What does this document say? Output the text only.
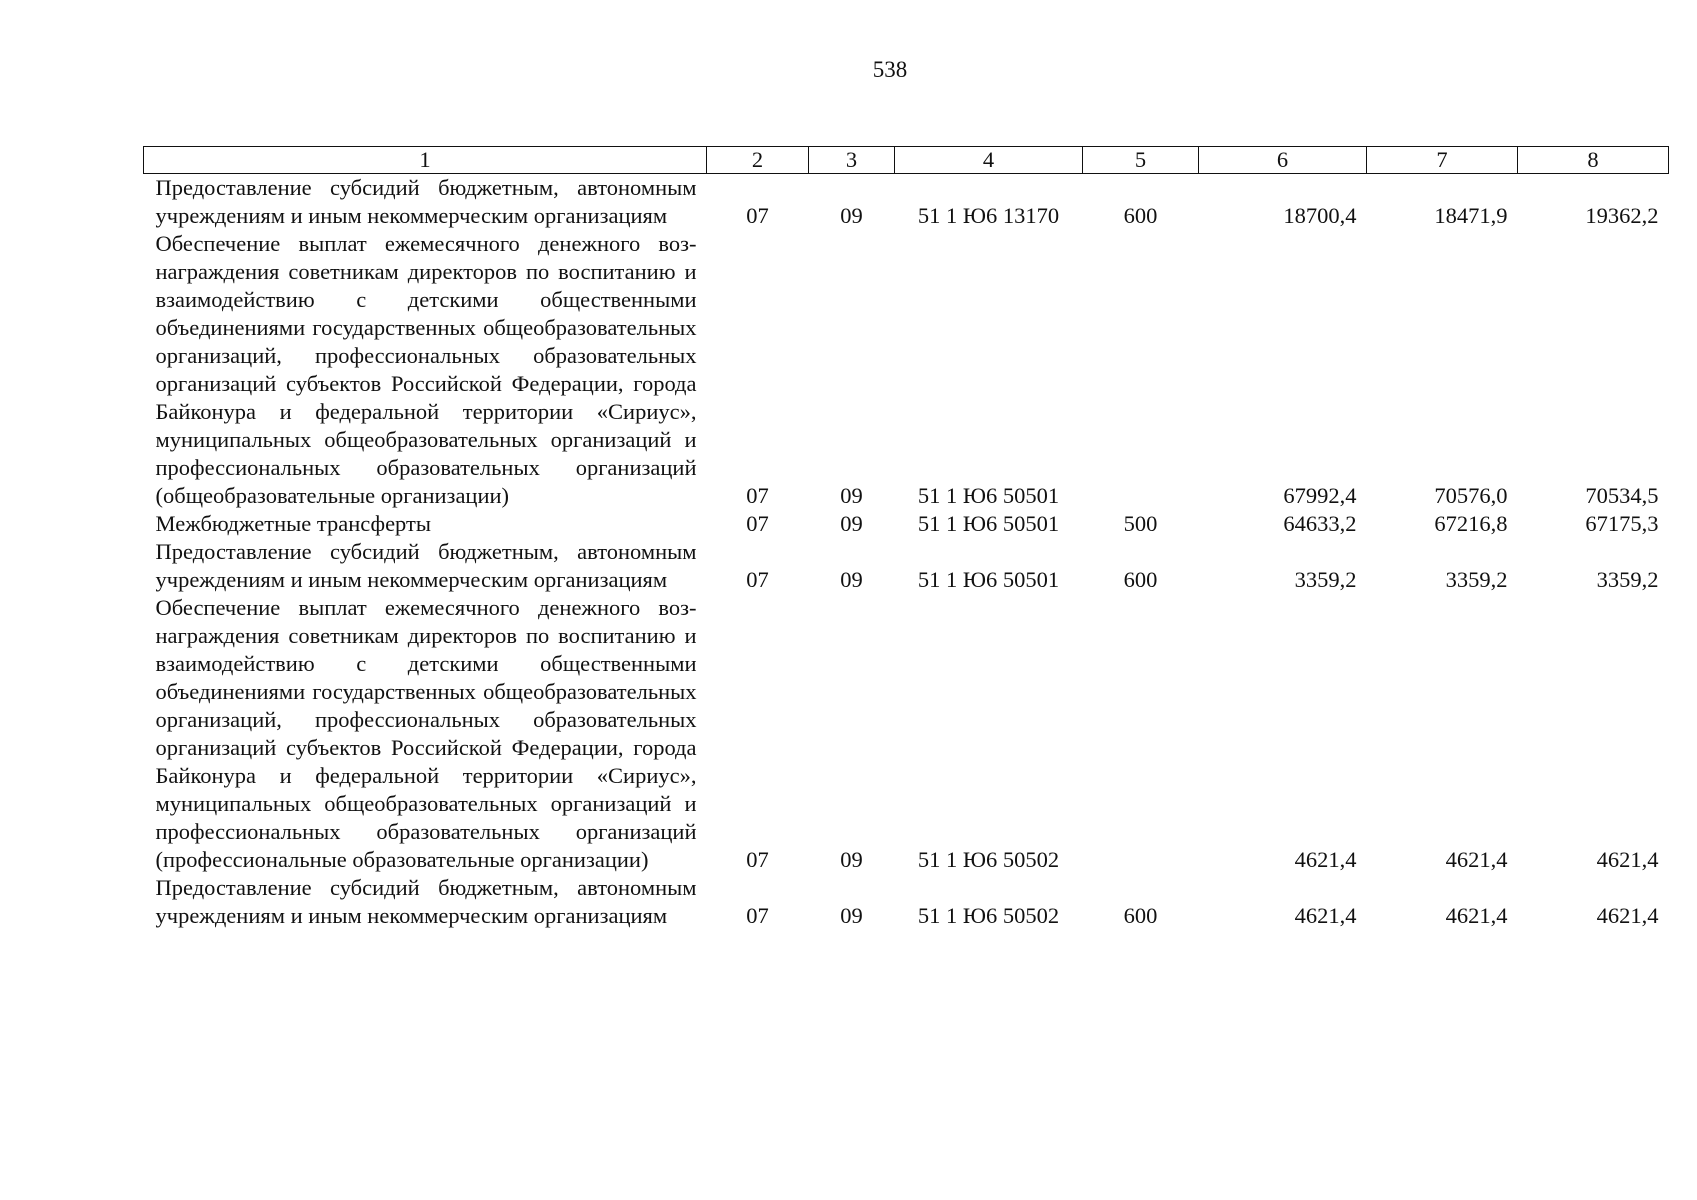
538
1	2	3	4	5	6	7	8
Предоставление субсидий бюджетным, автономным учреждениям и иным некоммерческим организациям	07	09	51 1 Ю6 13170	600	18700,4	18471,9	19362,2
Обеспечение выплат ежемесячного денежного вознаграждения советникам директоров по воспитанию и взаимодействию с детскими общественными объединениями государственных общеобразовательных организаций, профессиональных образовательных организаций субъектов Российской Федерации, города Байконура и федеральной территории «Сириус», муниципальных общеобразовательных организаций и профессиональных образовательных организаций (общеобразовательные организации)	07	09	51 1 Ю6 50501		67992,4	70576,0	70534,5
Межбюджетные трансферты	07	09	51 1 Ю6 50501	500	64633,2	67216,8	67175,3
Предоставление субсидий бюджетным, автономным учреждениям и иным некоммерческим организациям	07	09	51 1 Ю6 50501	600	3359,2	3359,2	3359,2
Обеспечение выплат ежемесячного денежного вознаграждения советникам директоров по воспитанию и взаимодействию с детскими общественными объединениями государственных общеобразовательных организаций, профессиональных образовательных организаций субъектов Российской Федерации, города Байконура и федеральной территории «Сириус», муниципальных общеобразовательных организаций и профессиональных образовательных организаций (профессиональные образовательные организации)	07	09	51 1 Ю6 50502		4621,4	4621,4	4621,4
Предоставление субсидий бюджетным, автономным учреждениям и иным некоммерческим организациям	07	09	51 1 Ю6 50502	600	4621,4	4621,4	4621,4
